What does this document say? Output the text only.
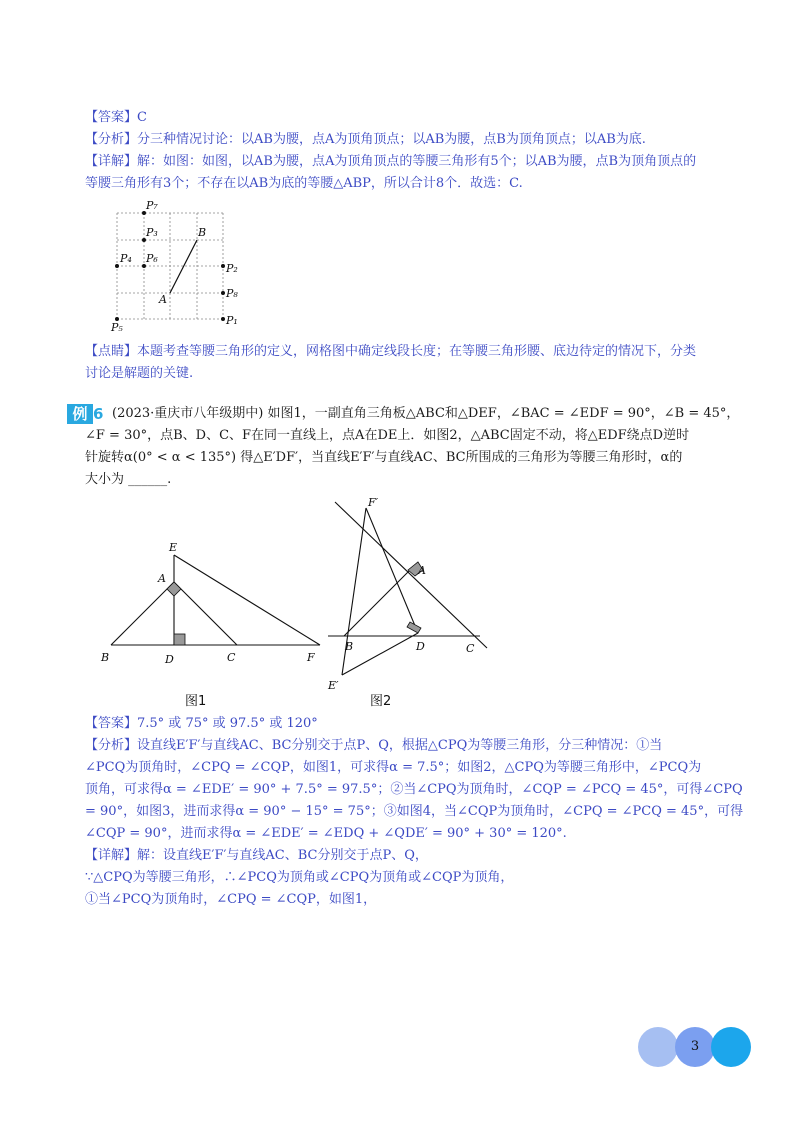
【答案】C
【分析】分三种情况讨论：以AB为腰，点A为顶角顶点；以AB为腰，点B为顶角顶点；以AB为底.
【详解】解：如图：如图，以AB为腰，点A为顶角顶点的等腰三角形有5个；以AB为腰，点B为顶角顶点的
等腰三角形有3个；不存在以AB为底的等腰△ABP，所以合计8个．故选：C.
P₇
P₃	B
P₄ P₆
P₂
P₈
A
P₅
P₁
【点睛】本题考查等腰三角形的定义，网格图中确定线段长度；在等腰三角形腰、底边待定的情况下，分类
讨论是解题的关键.
例 6 (2023·重庆市八年级期中) 如图1，一副直角三角板△ABC和△DEF，∠BAC = ∠EDF = 90°，∠B = 45°，
∠F = 30°，点B、D、C、F在同一直线上，点A在DE上．如图2，△ABC固定不动，将△EDF绕点D逆时
针旋转α(0° < α < 135°) 得△E′DF′，当直线E′F′与直线AC、BC所围成的三角形为等腰三角形时，α的
大小为 ______.
E
A
B	D	C	F
图1
F′
A
B	D	C
E′
图2
【答案】7.5° 或 75° 或 97.5° 或 120°
【分析】设直线E′F′与直线AC、BC分别交于点P、Q，根据△CPQ为等腰三角形，分三种情况：①当
∠PCQ为顶角时，∠CPQ = ∠CQP，如图1，可求得α = 7.5°；如图2，△CPQ为等腰三角形中，∠PCQ为
顶角，可求得α = ∠EDE′ = 90° + 7.5° = 97.5°；②当∠CPQ为顶角时，∠CQP = ∠PCQ = 45°，可得∠CPQ
= 90°，如图3，进而求得α = 90° − 15° = 75°；③如图4，当∠CQP为顶角时，∠CPQ = ∠PCQ = 45°，可得
∠CQP = 90°，进而求得α = ∠EDE′ = ∠EDQ + ∠QDE′ = 90° + 30° = 120°.
【详解】解：设直线E′F′与直线AC、BC分别交于点P、Q，
∵△CPQ为等腰三角形，∴∠PCQ为顶角或∠CPQ为顶角或∠CQP为顶角，
①当∠PCQ为顶角时，∠CPQ = ∠CQP，如图1，
3
